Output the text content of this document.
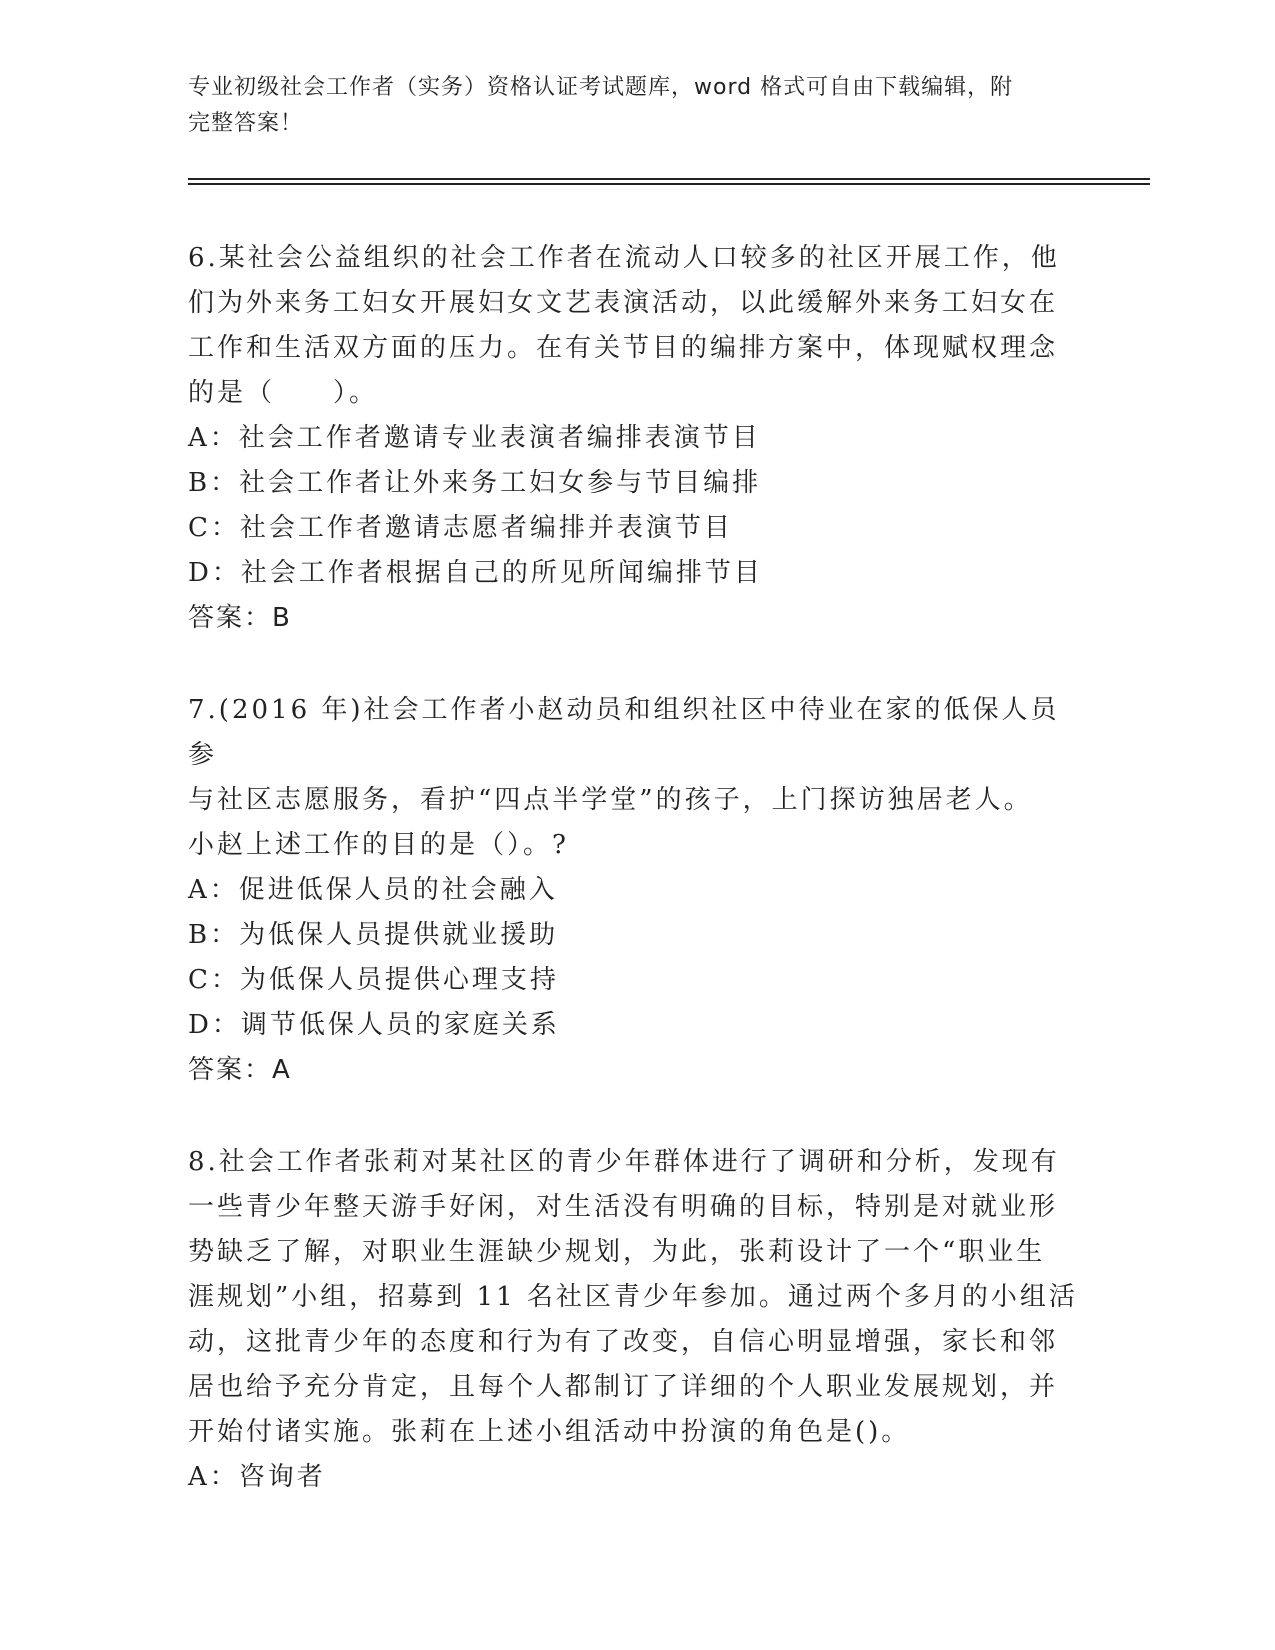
专业初级社会工作者（实务）资格认证考试题库，word 格式可自由下载编辑，附
完整答案！

6.某社会公益组织的社会工作者在流动人口较多的社区开展工作，他

们为外来务工妇女开展妇女文艺表演活动，以此缓解外来务工妇女在

工作和生活双方面的压力。在有关节目的编排方案中，体现赋权理念

的是（　　）。

A：社会工作者邀请专业表演者编排表演节目

B：社会工作者让外来务工妇女参与节目编排

C：社会工作者邀请志愿者编排并表演节目

D：社会工作者根据自己的所见所闻编排节目

答案：B

7.(2016 年)社会工作者小赵动员和组织社区中待业在家的低保人员参

与社区志愿服务，看护“四点半学堂”的孩子，上门探访独居老人。

小赵上述工作的目的是（）。?

A：促进低保人员的社会融入

B：为低保人员提供就业援助

C：为低保人员提供心理支持

D：调节低保人员的家庭关系

答案：A

8.社会工作者张莉对某社区的青少年群体进行了调研和分析，发现有

一些青少年整天游手好闲，对生活没有明确的目标，特别是对就业形

势缺乏了解，对职业生涯缺少规划，为此，张莉设计了一个“职业生

涯规划”小组，招募到 11 名社区青少年参加。通过两个多月的小组活

动，这批青少年的态度和行为有了改变，自信心明显增强，家长和邻

居也给予充分肯定，且每个人都制订了详细的个人职业发展规划，并

开始付诸实施。张莉在上述小组活动中扮演的角色是()。

A：咨询者
